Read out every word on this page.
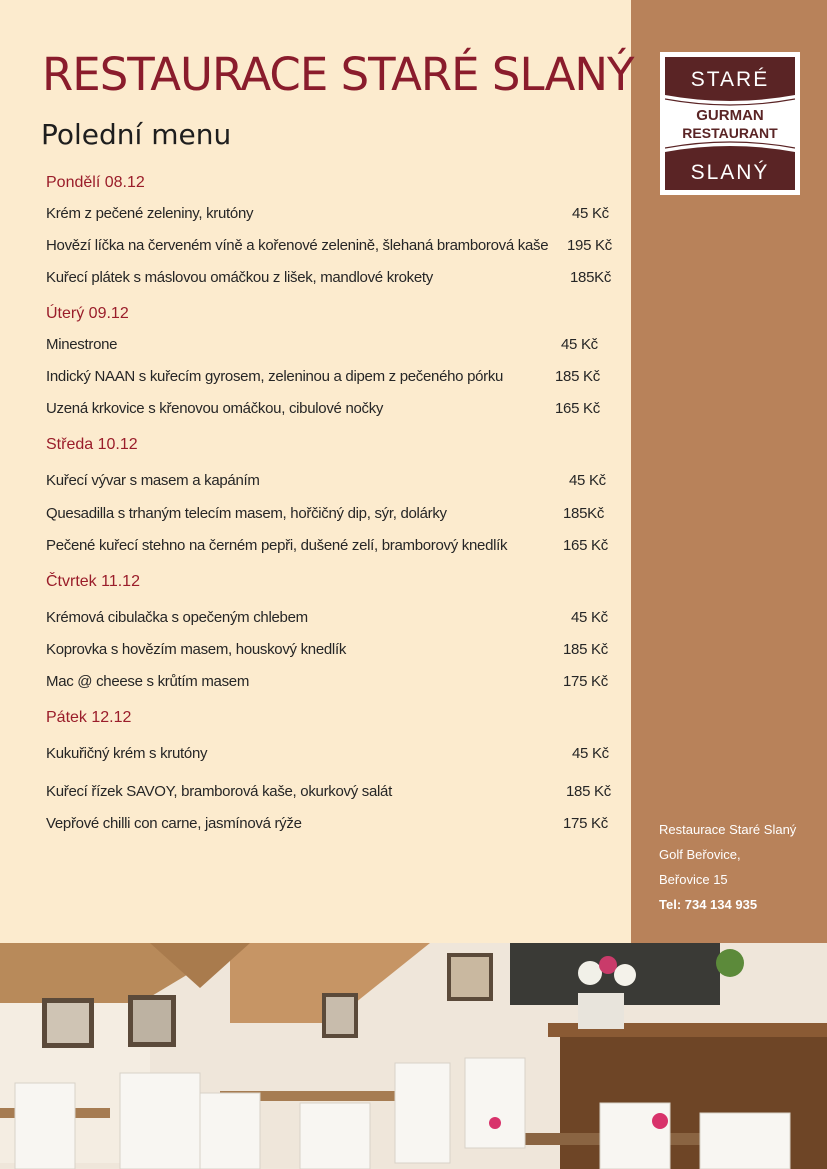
RESTAURACE STARÉ SLANÝ
Polední menu
Pondělí 08.12
Krém z pečené zeleniny, krutóny	45 Kč
Hovězí líčka na červeném víně a kořenové zelenině, šlehaná bramborová kaše 195 Kč
Kuřecí plátek s máslovou omáčkou z lišek, mandlové krokety	185Kč
Úterý 09.12
Minestrone	45 Kč
Indický NAAN s kuřecím gyrosem, zeleninou a dipem z pečeného pórku	185 Kč
Uzená krkovice s křenovou omáčkou, cibulové nočky	165 Kč
Středa 10.12
Kuřecí vývar s masem a kapáním	45 Kč
Quesadilla s trhaným telecím masem, hořčičný dip, sýr, dolárky	185Kč
Pečené kuřecí stehno na černém pepři, dušené zelí, bramborový knedlík	165 Kč
Čtvrtek 11.12
Krémová cibulačka s opečeným chlebem	45 Kč
Koprovka s hovězím masem, houskový knedlík	185 Kč
Mac @ cheese s krůtím masem	175 Kč
Pátek 12.12
Kukuřičný krém s krutóny	45 Kč
Kuřecí řízek SAVOY, bramborová kaše, okurkový salát	185 Kč
Vepřové chilli con carne, jasmínová rýže	175 Kč
STARÉ
GURMAN
RESTAURANT
SLANÝ
Restaurace Staré Slaný
Golf Beřovice,
Beřovice 15
Tel: 734 134 935
